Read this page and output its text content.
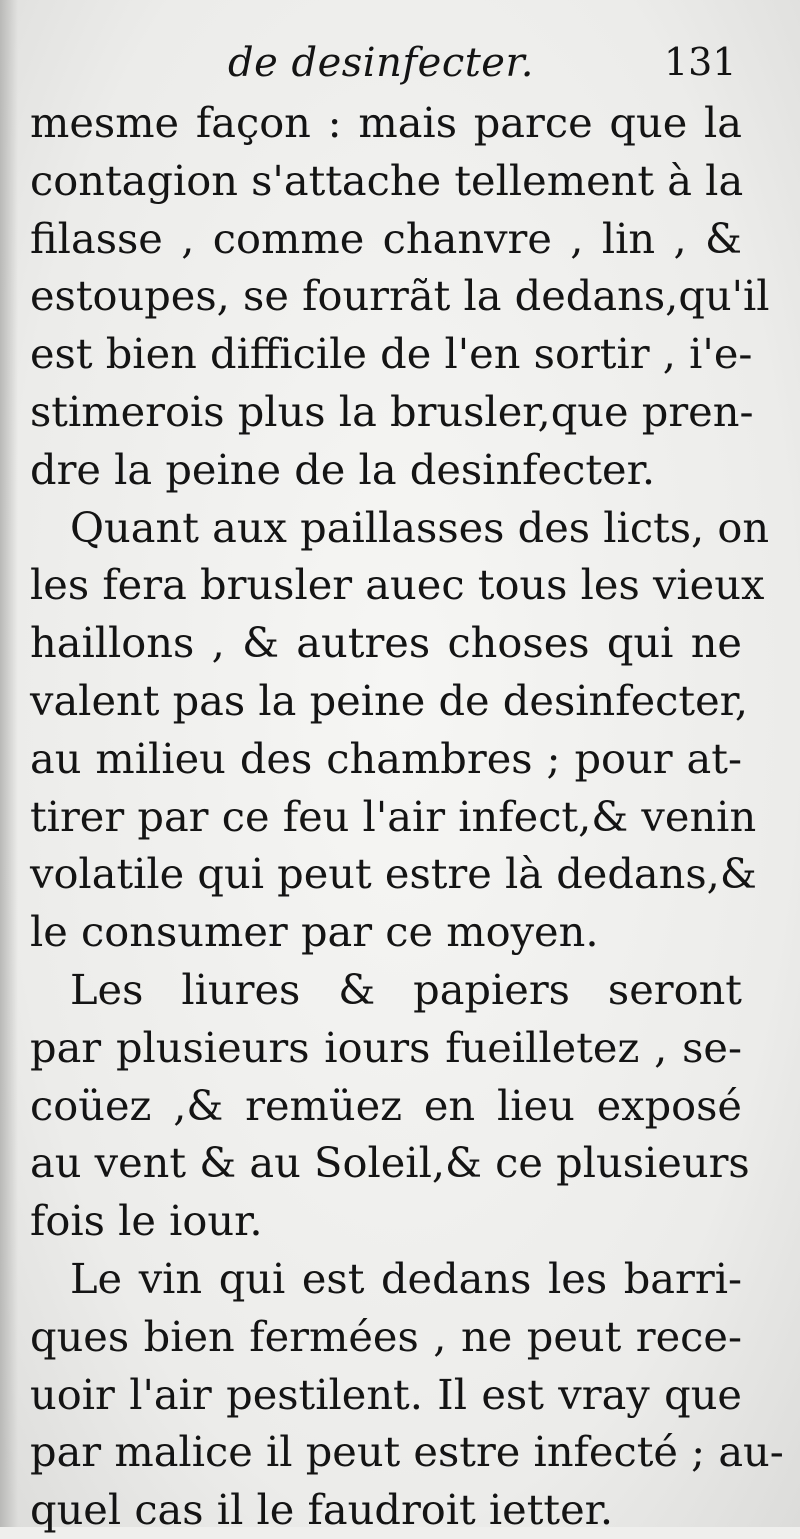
de desinfecter.	131
mesme façon : mais parce que la
contagion s'attache tellement à la
filasse , comme chanvre , lin , &
estoupes, se fourrãt la dedans,qu'il
est bien difficile de l'en sortir , i'e-
stimerois plus la brusler,que pren-
dre la peine de la desinfecter.
Quant aux paillasses des licts, on
les fera brusler auec tous les vieux
haillons , & autres choses qui ne
valent pas la peine de desinfecter,
au milieu des chambres ; pour at-
tirer par ce feu l'air infect,& venin
volatile qui peut estre là dedans,&
le consumer par ce moyen.
Les liures & papiers seront
par plusieurs iours fueilletez , se-
coüez ,& remüez en lieu exposé
au vent & au Soleil,& ce plusieurs
fois le iour.
Le vin qui est dedans les barri-
ques bien fermées , ne peut rece-
uoir l'air pestilent. Il est vray que
par malice il peut estre infecté ; au-
quel cas il le faudroit ietter.
